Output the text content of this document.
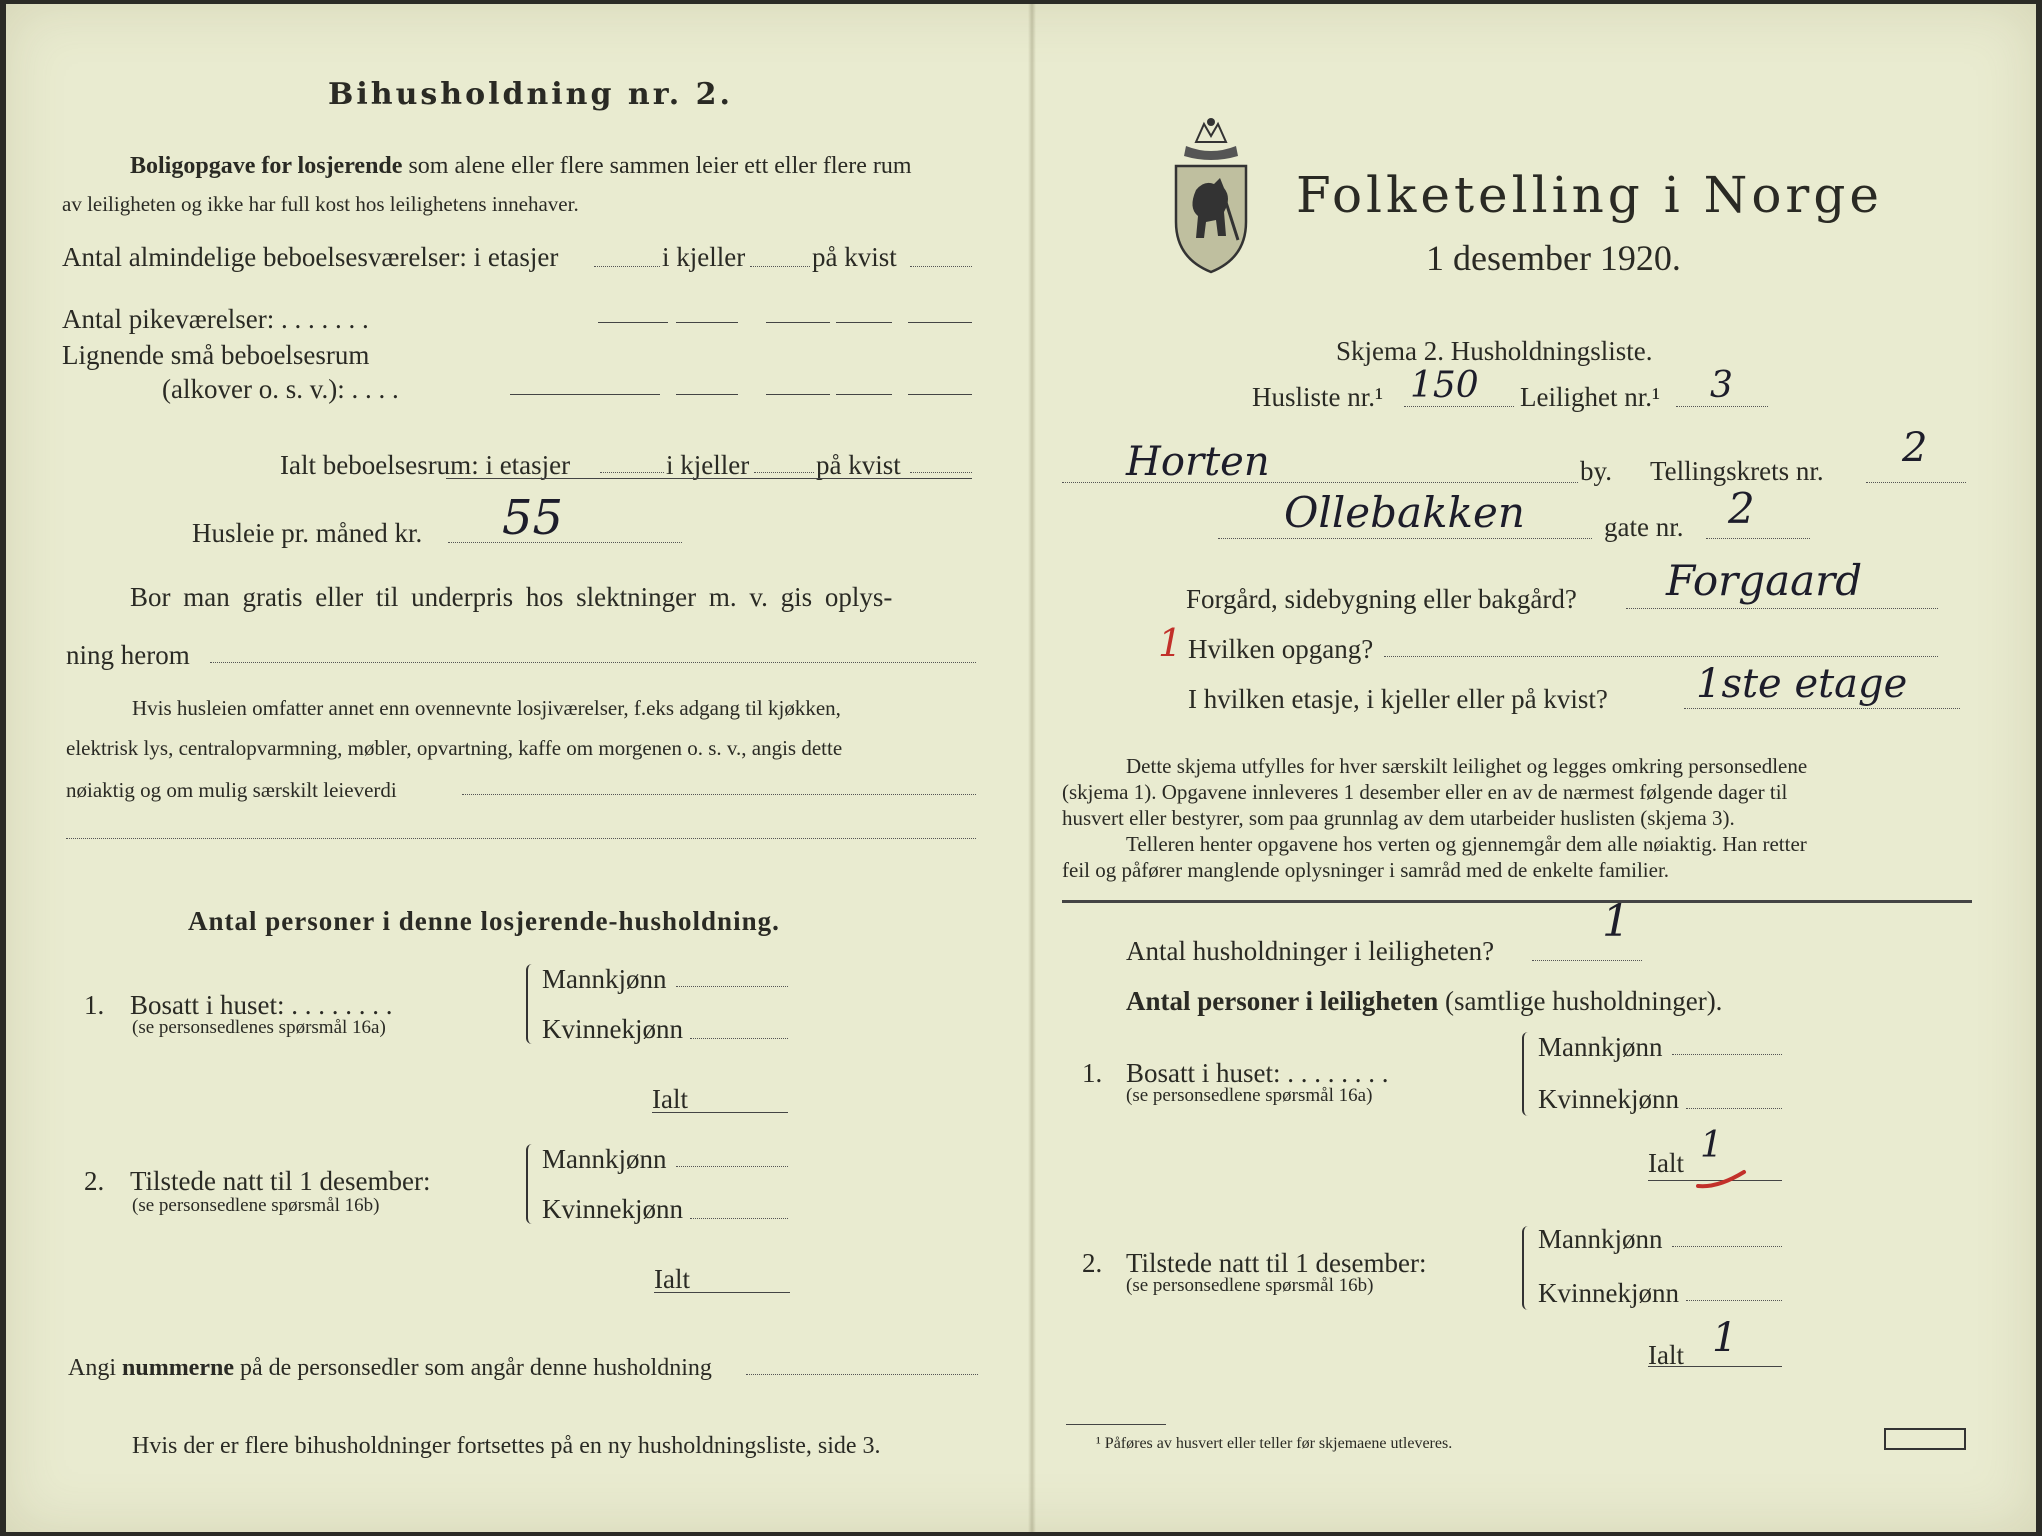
Bihusholdning nr. 2.
Boligopgave for losjerende som alene eller flere sammen leier ett eller flere rum
av leiligheten og ikke har full kost hos leilighetens innehaver.
Antal almindelige beboelsesværelser: i etasjer	i kjeller på kvist
Antal pikeværelser: . . . . . . .
Lignende små beboelsesrum
(alkover o. s. v.): . . . .
Ialt beboelsesrum: i etasjer	i kjeller på kvist
Husleie pr. måned kr. 55
Bor man gratis eller til underpris hos slektninger m. v. gis oplys-
ning herom
Hvis husleien omfatter annet enn ovennevnte losjiværelser, f.eks adgang til kjøkken,
elektrisk lys, centralopvarmning, møbler, opvartning, kaffe om morgenen o. s. v., angis dette
nøiaktig og om mulig særskilt leieverdi
Antal personer i denne losjerende-husholdning.
1. Bosatt i huset: . . . . . . . .
(se personsedlenes spørsmål 16a)
Mannkjønn
Kvinnekjønn
Ialt
2. Tilstede natt til 1 desember:
(se personsedlene spørsmål 16b)
Mannkjønn
Kvinnekjønn
Ialt
Angi nummerne på de personsedler som angår denne husholdning
Hvis der er flere bihusholdninger fortsettes på en ny husholdningsliste, side 3.
Folketelling i Norge
1 desember 1920.
Skjema 2. Husholdningsliste.
Husliste nr.¹ 150 Leilighet nr.¹ 3
Horten	by. Tellingskrets nr. 2
Ollebakken	gate nr. 2
Forgård, sidebygning eller bakgård? Forgaard
1 Hvilken opgang?
I hvilken etasje, i kjeller eller på kvist? 1ste etage
Dette skjema utfylles for hver særskilt leilighet og legges omkring personsedlene
(skjema 1). Opgavene innleveres 1 desember eller en av de nærmest følgende dager til
husvert eller bestyrer, som paa grunnlag av dem utarbeider huslisten (skjema 3).
Telleren henter opgavene hos verten og gjennemgår dem alle nøiaktig. Han retter
feil og påfører manglende oplysninger i samråd med de enkelte familier.
Antal husholdninger i leiligheten?
1
Antal personer i leiligheten (samtlige husholdninger).
1. Bosatt i huset: . . . . . . . .
(se personsedlene spørsmål 16a)
Mannkjønn
Kvinnekjønn
Ialt 1
2. Tilstede natt til 1 desember:
(se personsedlene spørsmål 16b)
Mannkjønn
Kvinnekjønn
Ialt 1
¹ Påføres av husvert eller teller før skjemaene utleveres.
